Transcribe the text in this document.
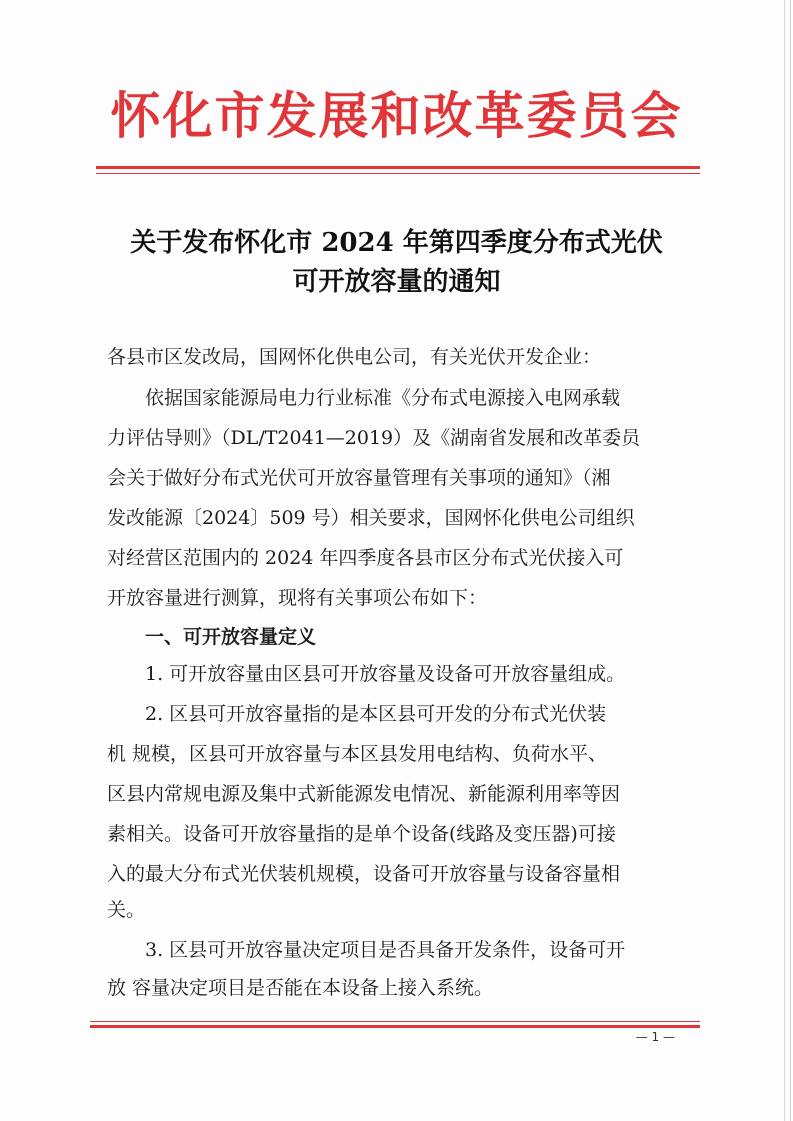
怀化市发展和改革委员会
关于发布怀化市 2024 年第四季度分布式光伏
可开放容量的通知
各县市区发改局，国网怀化供电公司，有关光伏开发企业：
依据国家能源局电力行业标准《分布式电源接入电网承载
力评估导则》（DL/T2041—2019）及《湖南省发展和改革委员
会关于做好分布式光伏可开放容量管理有关事项的通知》（湘
发改能源〔2024〕509 号）相关要求，国网怀化供电公司组织
对经营区范围内的 2024 年四季度各县市区分布式光伏接入可
开放容量进行测算，现将有关事项公布如下：
一、可开放容量定义
1. 可开放容量由区县可开放容量及设备可开放容量组成。
2. 区县可开放容量指的是本区县可开发的分布式光伏装
机 规模，区县可开放容量与本区县发用电结构、负荷水平、
区县内常规电源及集中式新能源发电情况、新能源利用率等因
素相关。设备可开放容量指的是单个设备(线路及变压器)可接
入的最大分布式光伏装机规模，设备可开放容量与设备容量相
关。
3. 区县可开放容量决定项目是否具备开发条件，设备可开
放 容量决定项目是否能在本设备上接入系统。
— 1 —
